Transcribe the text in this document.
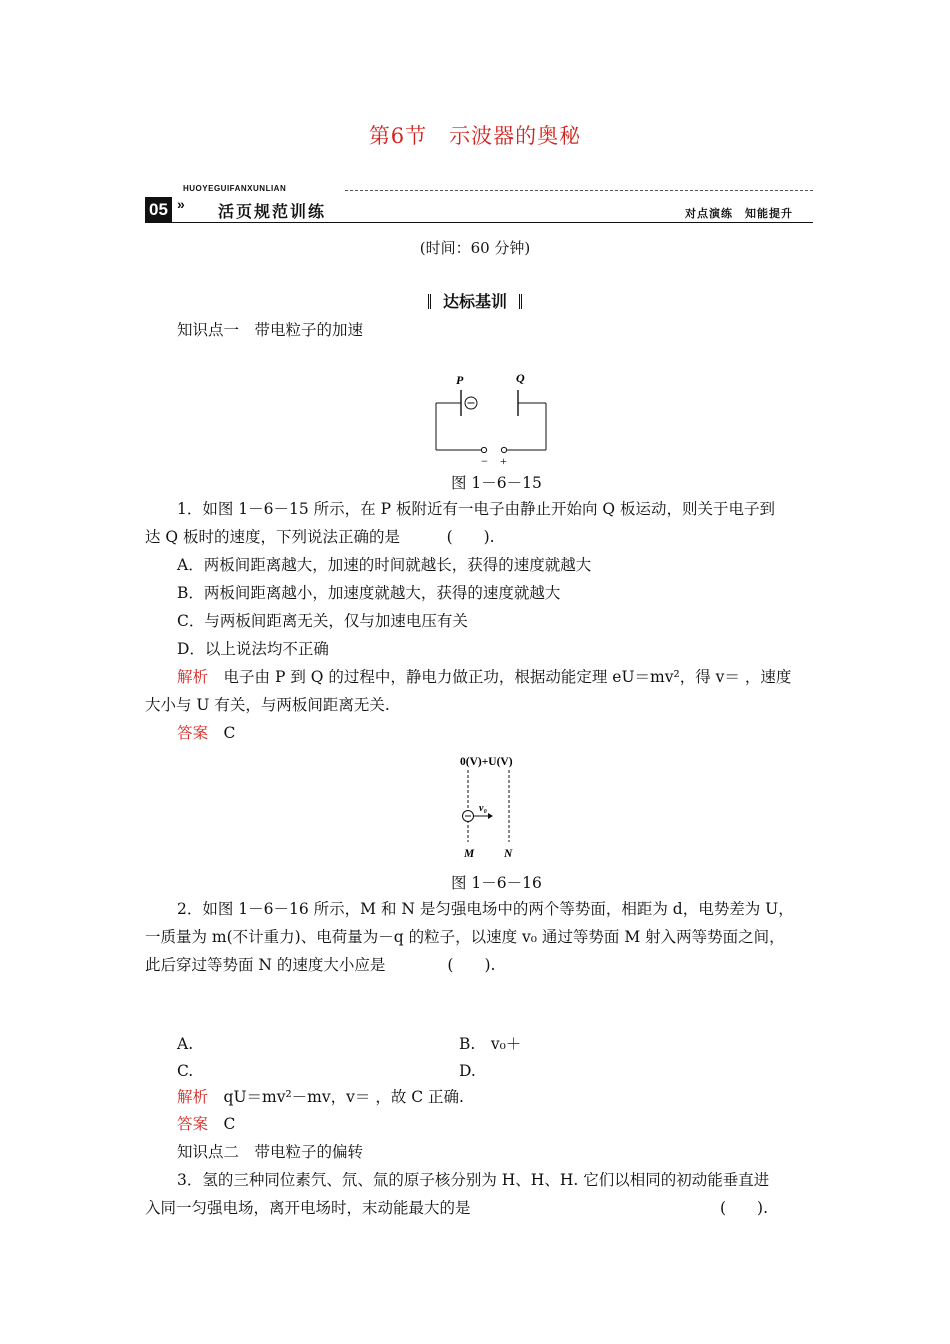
第6节　示波器的奥秘
HUOYEGUIFANXUNLIAN
05 » 活页规范训练	对点演练　知能提升
(时间：60 分钟)
达标基训
知识点一　带电粒子的加速
P	Q
− +
图 1－6－15
1．如图 1－6－15 所示，在 P 板附近有一电子由静止开始向 Q 板运动，则关于电子到
达 Q 板时的速度，下列说法正确的是　　　(　　).
A．两板间距离越大，加速的时间就越长，获得的速度就越大
B．两板间距离越小，加速度就越大，获得的速度就越大
C．与两板间距离无关，仅与加速电压有关
D．以上说法均不正确
解析　 电子由 P 到 Q 的过程中，静电力做正功，根据动能定理 eU＝mv²，得 v＝ ，速度
大小与 U 有关，与两板间距离无关.
答案　 C
0(V)+U(V)
v₀
M	N
图 1－6－16
2．如图 1－6－16 所示，M 和 N 是匀强电场中的两个等势面，相距为 d，电势差为 U，
一质量为 m(不计重力)、电荷量为－q 的粒子，以速度 v₀ 通过等势面 M 射入两等势面之间，
此后穿过等势面 N 的速度大小应是　　　　(　　).
A.	B.　v₀＋
C.	D.
解析　 qU＝mv²－mv，v＝ ，故 C 正确.
答案　 C
知识点二　带电粒子的偏转
3．氢的三种同位素氕、氘、氚的原子核分别为 H、H、H. 它们以相同的初动能垂直进
入同一匀强电场，离开电场时，末动能最大的是	(　　).
